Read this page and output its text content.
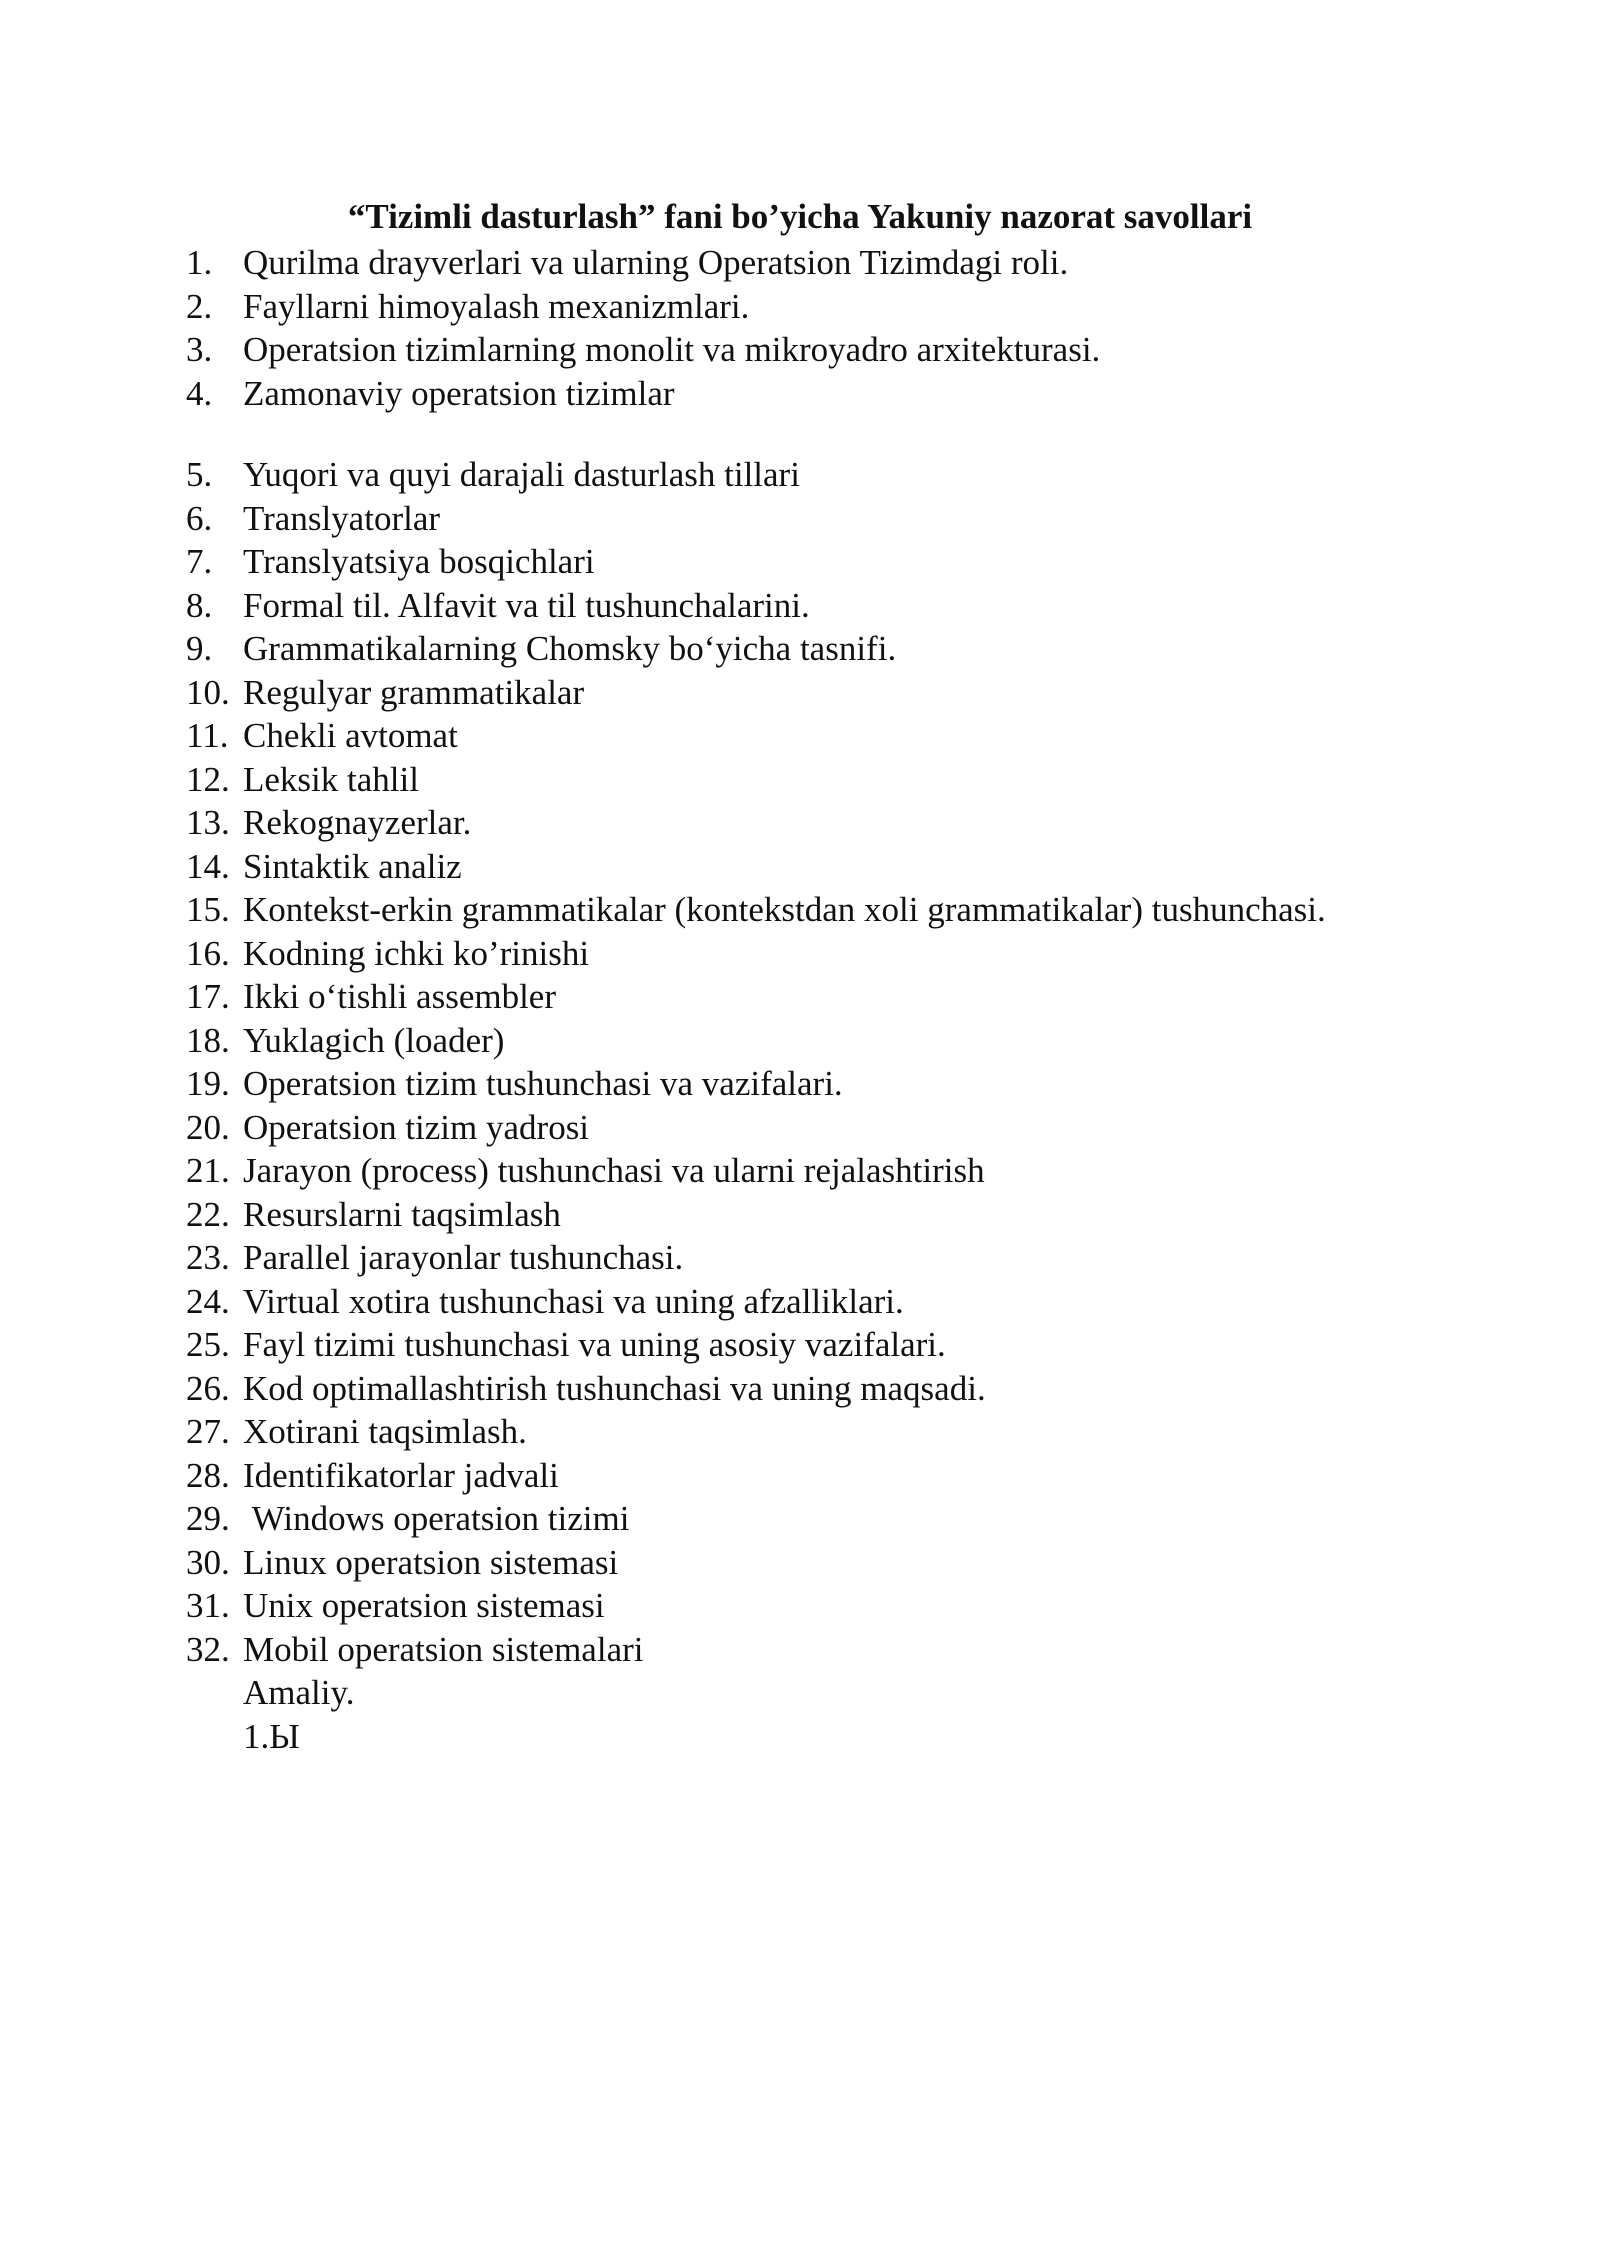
“Tizimli dasturlash” fani bo’yicha Yakuniy nazorat savollari
1. Qurilma drayverlari va ularning Operatsion Tizimdagi roli.
2. Fayllarni himoyalash mexanizmlari.
3. Operatsion tizimlarning monolit va mikroyadro arxitekturasi.
4. Zamonaviy operatsion tizimlar
5. Yuqori va quyi darajali dasturlash tillari
6. Translyatorlar
7. Translyatsiya bosqichlari
8. Formal til. Alfavit va til tushunchalarini.
9. Grammatikalarning Chomsky bo‘yicha tasnifi.
10. Regulyar grammatikalar
11. Chekli avtomat
12. Leksik tahlil
13. Rekognayzerlar.
14. Sintaktik analiz
15. Kontekst-erkin grammatikalar (kontekstdan xoli grammatikalar) tushunchasi.
16. Kodning ichki ko’rinishi
17. Ikki o‘tishli assembler
18. Yuklagich (loader)
19. Operatsion tizim tushunchasi va vazifalari.
20. Operatsion tizim yadrosi
21. Jarayon (process) tushunchasi va ularni rejalashtirish
22. Resurslarni taqsimlash
23. Parallel jarayonlar tushunchasi.
24. Virtual xotira tushunchasi va uning afzalliklari.
25. Fayl tizimi tushunchasi va uning asosiy vazifalari.
26. Kod optimallashtirish tushunchasi va uning maqsadi.
27. Xotirani taqsimlash.
28. Identifikatorlar jadvali
29. Windows operatsion tizimi
30. Linux operatsion sistemasi
31. Unix operatsion sistemasi
32. Mobil operatsion sistemalari
Amaliy.
1.Ы
